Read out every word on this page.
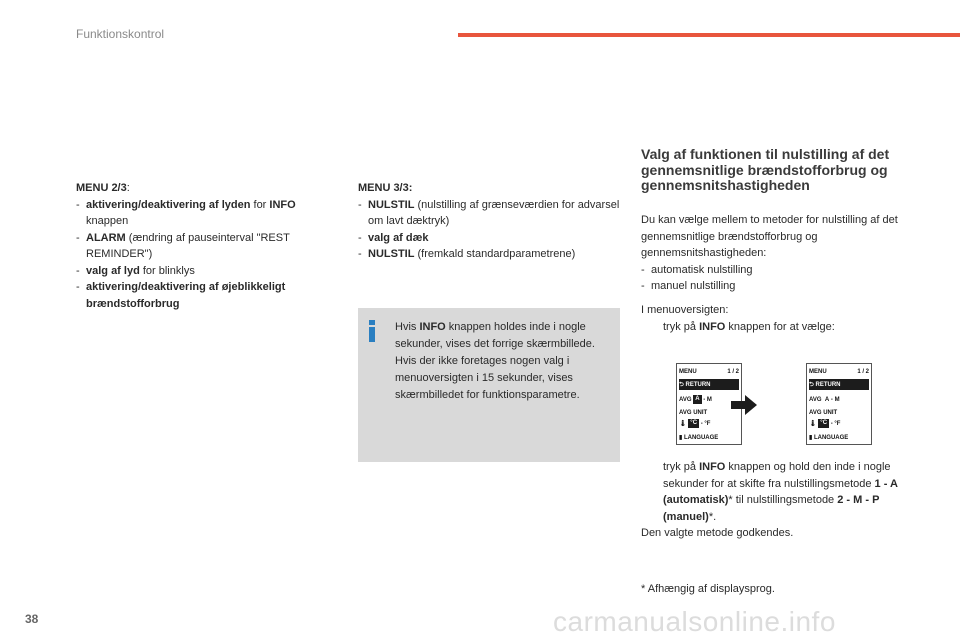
Funktionskontrol
MENU 2/3:
- aktivering/deaktivering af lyden for INFO
knappen
- ALARM (ændring af pauseinterval "REST REMINDER")
- valg af lyd for blinklys
- aktivering/deaktivering af øjeblikkeligt brændstofforbrug
MENU 3/3:
- NULSTIL (nulstilling af grænseværdien for advarsel om lavt dæktryk)
- valg af dæk
- NULSTIL (fremkald standardparametrene)
Hvis INFO knappen holdes inde i nogle sekunder, vises det forrige skærmbillede.
Hvis der ikke foretages nogen valg i menuoversigten i 15 sekunder, vises skærmbilledet for funktionsparametre.
Valg af funktionen til nulstilling af det gennemsnitlige brændstofforbrug og gennemsnitshastigheden
Du kan vælge mellem to metoder for nulstilling af det gennemsnitlige brændstofforbrug og gennemsnitshastigheden:
- automatisk nulstilling
- manuel nulstilling
I menuoversigten:
tryk på INFO knappen for at vælge:
MENU	1 / 2
⮌ RETURN
AVG
A
-
M
AVG UNIT
🌡
°C
-
°F
▮ LANGUAGE
MENU	1 / 2
⮌ RETURN
AVG
A
-
M
AVG UNIT
🌡
°C
-
°F
▮ LANGUAGE
tryk på INFO knappen og hold den inde i nogle sekunder for at skifte fra nulstillingsmetode 1 - A (automatisk)* til nulstillingsmetode 2 - M - P (manuel)*.
Den valgte metode godkendes.
* Afhængig af displaysprog.
38	carmanualsonline.info
